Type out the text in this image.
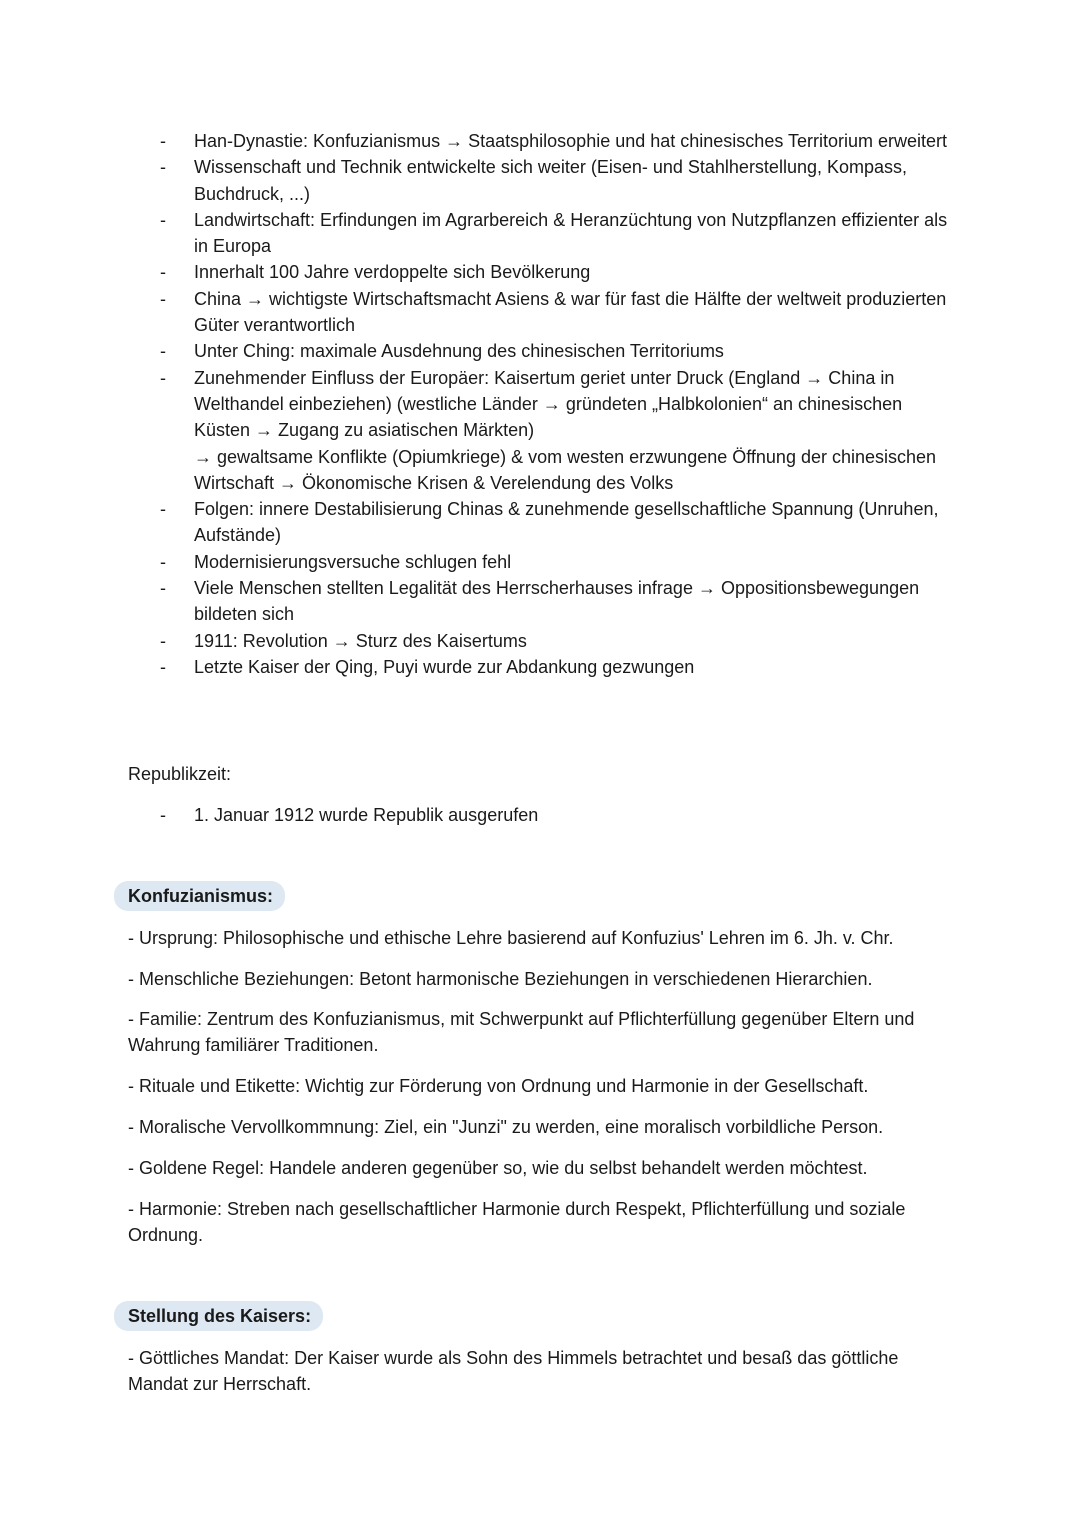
- Han-Dynastie: Konfuzianismus → Staatsphilosophie und hat chinesisches Territorium erweitert
- Wissenschaft und Technik entwickelte sich weiter (Eisen- und Stahlherstellung, Kompass, Buchdruck, ...)
- Landwirtschaft: Erfindungen im Agrarbereich & Heranzüchtung von Nutzpflanzen effizienter als in Europa
- Innerhalt 100 Jahre verdoppelte sich Bevölkerung
- China → wichtigste Wirtschaftsmacht Asiens & war für fast die Hälfte der weltweit produzierten Güter verantwortlich
- Unter Ching: maximale Ausdehnung des chinesischen Territoriums
- Zunehmender Einfluss der Europäer: Kaisertum geriet unter Druck (England → China in Welthandel einbeziehen) (westliche Länder → gründeten „Halbkolonien“ an chinesischen Küsten → Zugang zu asiatischen Märkten)
→ gewaltsame Konflikte (Opiumkriege) & vom westen erzwungene Öffnung der chinesischen Wirtschaft → Ökonomische Krisen & Verelendung des Volks
- Folgen: innere Destabilisierung Chinas & zunehmende gesellschaftliche Spannung (Unruhen, Aufstände)
- Modernisierungsversuche schlugen fehl
- Viele Menschen stellten Legalität des Herrscherhauses infrage → Oppositionsbewegungen bildeten sich
- 1911: Revolution → Sturz des Kaisertums
- Letzte Kaiser der Qing, Puyi wurde zur Abdankung gezwungen
Republikzeit:
- 1. Januar 1912 wurde Republik ausgerufen
Konfuzianismus:

- Ursprung: Philosophische und ethische Lehre basierend auf Konfuzius' Lehren im 6. Jh. v. Chr.

- Menschliche Beziehungen: Betont harmonische Beziehungen in verschiedenen Hierarchien.

- Familie: Zentrum des Konfuzianismus, mit Schwerpunkt auf Pflichterfüllung gegenüber Eltern und Wahrung familiärer Traditionen.

- Rituale und Etikette: Wichtig zur Förderung von Ordnung und Harmonie in der Gesellschaft.

- Moralische Vervollkommnung: Ziel, ein "Junzi" zu werden, eine moralisch vorbildliche Person.

- Goldene Regel: Handele anderen gegenüber so, wie du selbst behandelt werden möchtest.

- Harmonie: Streben nach gesellschaftlicher Harmonie durch Respekt, Pflichterfüllung und soziale Ordnung.

Stellung des Kaisers:

- Göttliches Mandat: Der Kaiser wurde als Sohn des Himmels betrachtet und besaß das göttliche Mandat zur Herrschaft.
